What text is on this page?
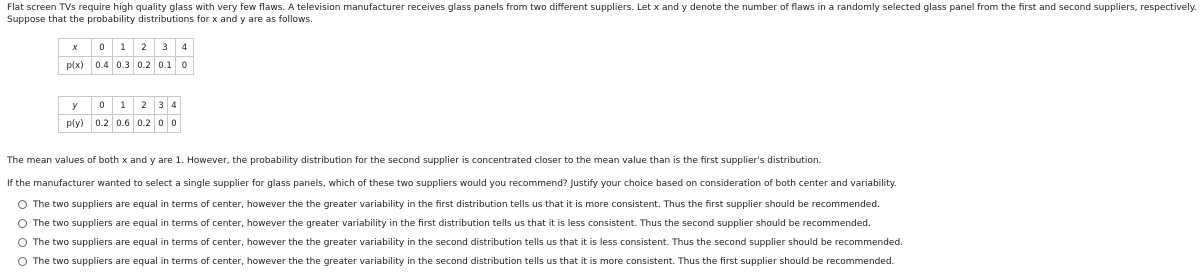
Flat screen TVs require high quality glass with very few flaws. A television manufacturer receives glass panels from two different suppliers. Let x and y denote the number of flaws in a randomly selected glass panel from the first and second suppliers, respectively.

Suppose that the probability distributions for x and y are as follows.

x	0	1	2	3	4
p(x)	0.4	0.3	0.2	0.1	0
y	0	1	2	3	4
p(y)	0.2	0.6	0.2	0	0
The mean values of both x and y are 1. However, the probability distribution for the second supplier is concentrated closer to the mean value than is the first supplier's distribution.
If the manufacturer wanted to select a single supplier for glass panels, which of these two suppliers would you recommend? Justify your choice based on consideration of both center and variability.
The two suppliers are equal in terms of center, however the the greater variability in the first distribution tells us that it is more consistent. Thus the first supplier should be recommended.
The two suppliers are equal in terms of center, however the greater variability in the first distribution tells us that it is less consistent. Thus the second supplier should be recommended.
The two suppliers are equal in terms of center, however the the greater variability in the second distribution tells us that it is less consistent. Thus the second supplier should be recommended.
The two suppliers are equal in terms of center, however the the greater variability in the second distribution tells us that it is more consistent. Thus the first supplier should be recommended.
